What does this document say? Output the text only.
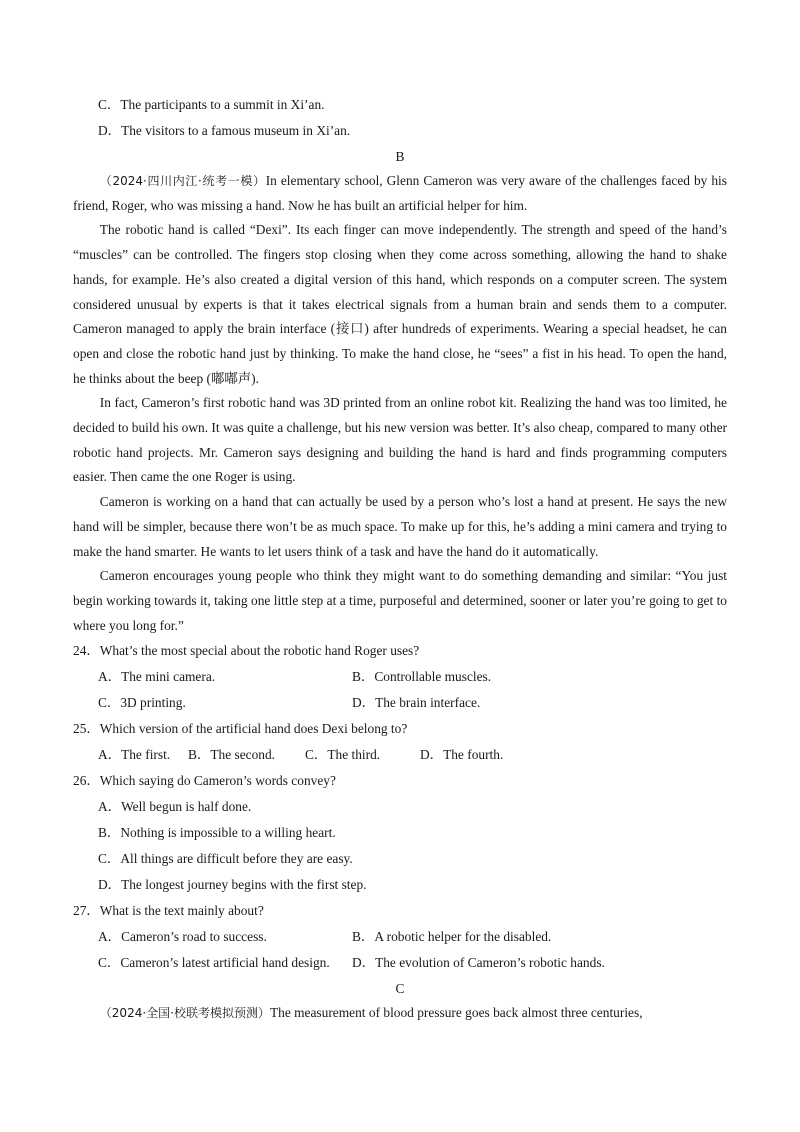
C．The participants to a summit in Xi’an.
D．The visitors to a famous museum in Xi’an.
B

（2024·四川内江·统考一模）In elementary school, Glenn Cameron was very aware of the challenges faced by his friend, Roger, who was missing a hand. Now he has built an artificial helper for him.

The robotic hand is called “Dexi”. Its each finger can move independently. The strength and speed of the hand’s “muscles” can be controlled. The fingers stop closing when they come across something, allowing the hand to shake hands, for example. He’s also created a digital version of this hand, which responds on a computer screen. The system considered unusual by experts is that it takes electrical signals from a human brain and sends them to a computer. Cameron managed to apply the brain interface (接口) after hundreds of experiments. Wearing a special headset, he can open and close the robotic hand just by thinking. To make the hand close, he “sees” a fist in his head. To open the hand, he thinks about the beep (嘟嘟声).

In fact, Cameron’s first robotic hand was 3D printed from an online robot kit. Realizing the hand was too limited, he decided to build his own. It was quite a challenge, but his new version was better. It’s also cheap, compared to many other robotic hand projects. Mr. Cameron says designing and building the hand is hard and finds programming computers easier. Then came the one Roger is using.

Cameron is working on a hand that can actually be used by a person who’s lost a hand at present. He says the new hand will be simpler, because there won’t be as much space. To make up for this, he’s adding a mini camera and trying to make the hand smarter. He wants to let users think of a task and have the hand do it automatically.

Cameron encourages young people who think they might want to do something demanding and similar: “You just begin working towards it, taking one little step at a time, purposeful and determined, sooner or later you’re going to get to where you long for.”

24．What’s the most special about the robotic hand Roger uses?
A．The mini camera.	B．Controllable muscles.
C．3D printing.	D．The brain interface.
25．Which version of the artificial hand does Dexi belong to?
A．The first.	B．The second.	C．The third.	D．The fourth.
26．Which saying do Cameron’s words convey?
A．Well begun is half done.
B．Nothing is impossible to a willing heart.
C．All things are difficult before they are easy.
D．The longest journey begins with the first step.
27．What is the text mainly about?
A．Cameron’s road to success.	B．A robotic helper for the disabled.
C．Cameron’s latest artificial hand design.	D．The evolution of Cameron’s robotic hands.
C

（2024·全国·校联考模拟预测）The measurement of blood pressure goes back almost three centuries,
